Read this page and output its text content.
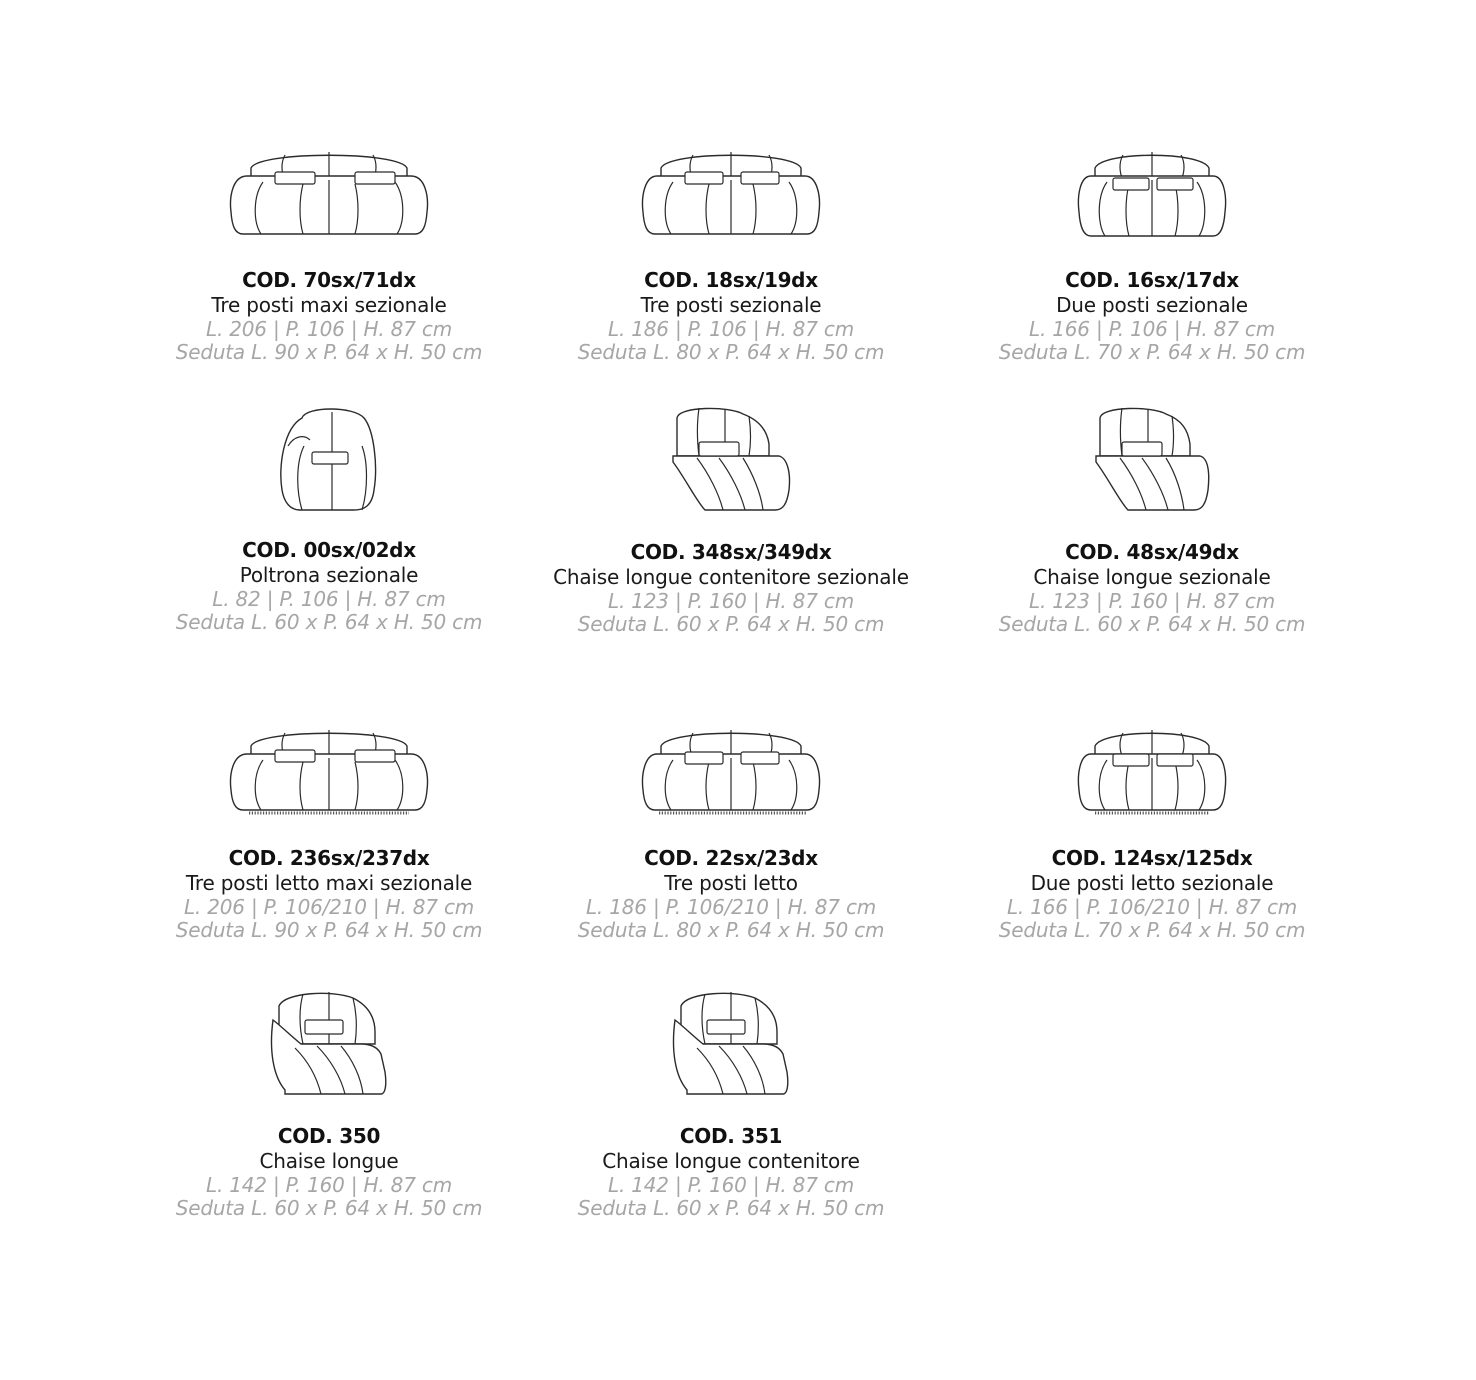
COD. 70sx/71dx
Tre posti maxi sezionale
L. 206 | P. 106 | H. 87 cm
Seduta L. 90 x P. 64 x H. 50 cm
COD. 18sx/19dx
Tre posti sezionale
L. 186 | P. 106 | H. 87 cm
Seduta L. 80 x P. 64 x H. 50 cm
COD. 16sx/17dx
Due posti sezionale
L. 166 | P. 106 | H. 87 cm
Seduta L. 70 x P. 64 x H. 50 cm
COD. 00sx/02dx
Poltrona sezionale
L. 82 | P. 106 | H. 87 cm
Seduta L. 60 x P. 64 x H. 50 cm
COD. 348sx/349dx
Chaise longue contenitore sezionale
L. 123 | P. 160 | H. 87 cm
Seduta L. 60 x P. 64 x H. 50 cm
COD. 48sx/49dx
Chaise longue sezionale
L. 123 | P. 160 | H. 87 cm
Seduta L. 60 x P. 64 x H. 50 cm
COD. 236sx/237dx
Tre posti letto maxi sezionale
L. 206 | P. 106/210 | H. 87 cm
Seduta L. 90 x P. 64 x H. 50 cm
COD. 22sx/23dx
Tre posti letto
L. 186 | P. 106/210 | H. 87 cm
Seduta L. 80 x P. 64 x H. 50 cm
COD. 124sx/125dx
Due posti letto sezionale
L. 166 | P. 106/210 | H. 87 cm
Seduta L. 70 x P. 64 x H. 50 cm
COD. 350
Chaise longue
L. 142 | P. 160 | H. 87 cm
Seduta L. 60 x P. 64 x H. 50 cm
COD. 351
Chaise longue contenitore
L. 142 | P. 160 | H. 87 cm
Seduta L. 60 x P. 64 x H. 50 cm
